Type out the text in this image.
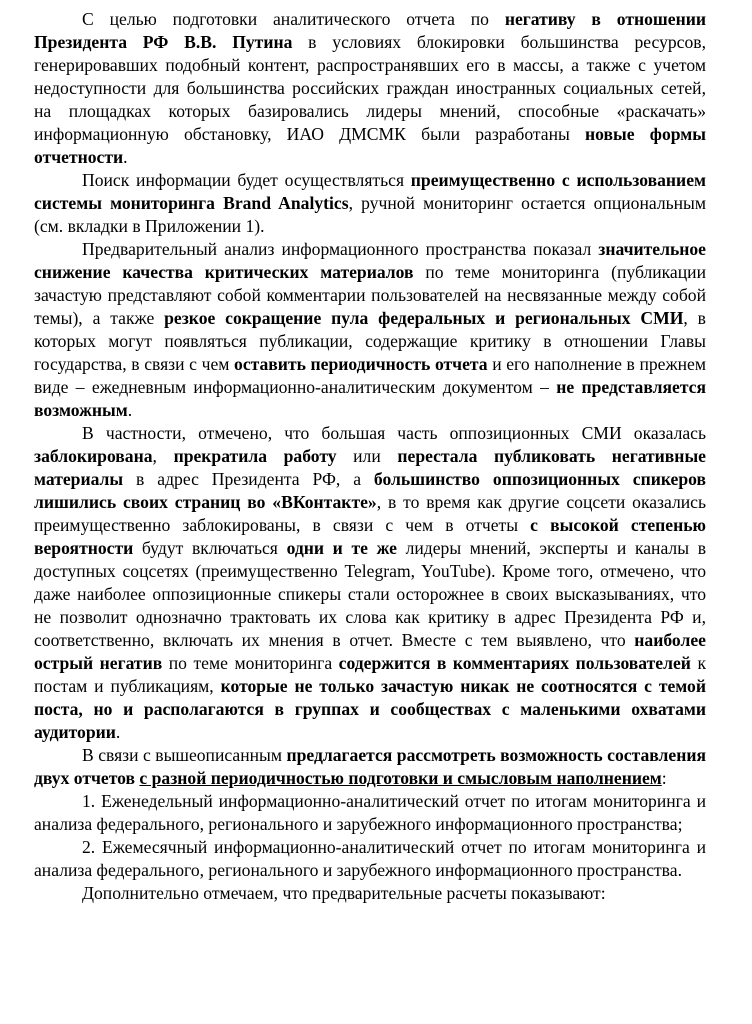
С целью подготовки аналитического отчета по негативу в отношении Президента РФ В.В. Путина в условиях блокировки большинства ресурсов, генерировавших подобный контент, распространявших его в массы, а также с учетом недоступности для большинства российских граждан иностранных социальных сетей, на площадках которых базировались лидеры мнений, способные «раскачать» информационную обстановку, ИАО ДМСМК были разработаны новые формы отчетности.

Поиск информации будет осуществляться преимущественно с использованием системы мониторинга Brand Analytics, ручной мониторинг остается опциональным (см. вкладки в Приложении 1).

Предварительный анализ информационного пространства показал значительное снижение качества критических материалов по теме мониторинга (публикации зачастую представляют собой комментарии пользователей на несвязанные между собой темы), а также резкое сокращение пула федеральных и региональных СМИ, в которых могут появляться публикации, содержащие критику в отношении Главы государства, в связи с чем оставить периодичность отчета и его наполнение в прежнем виде – ежедневным информационно-аналитическим документом – не представляется возможным.

В частности, отмечено, что большая часть оппозиционных СМИ оказалась заблокирована, прекратила работу или перестала публиковать негативные материалы в адрес Президента РФ, а большинство оппозиционных спикеров лишились своих страниц во «ВКонтакте», в то время как другие соцсети оказались преимущественно заблокированы, в связи с чем в отчеты с высокой степенью вероятности будут включаться одни и те же лидеры мнений, эксперты и каналы в доступных соцсетях (преимущественно Telegram, YouTube). Кроме того, отмечено, что даже наиболее оппозиционные спикеры стали осторожнее в своих высказываниях, что не позволит однозначно трактовать их слова как критику в адрес Президента РФ и, соответственно, включать их мнения в отчет. Вместе с тем выявлено, что наиболее острый негатив по теме мониторинга содержится в комментариях пользователей к постам и публикациям, которые не только зачастую никак не соотносятся с темой поста, но и располагаются в группах и сообществах с маленькими охватами аудитории.

В связи с вышеописанным предлагается рассмотреть возможность составления двух отчетов с разной периодичностью подготовки и смысловым наполнением:

1. Еженедельный информационно-аналитический отчет по итогам мониторинга и анализа федерального, регионального и зарубежного информационного пространства;

2. Ежемесячный информационно-аналитический отчет по итогам мониторинга и анализа федерального, регионального и зарубежного информационного пространства.

Дополнительно отмечаем, что предварительные расчеты показывают:
